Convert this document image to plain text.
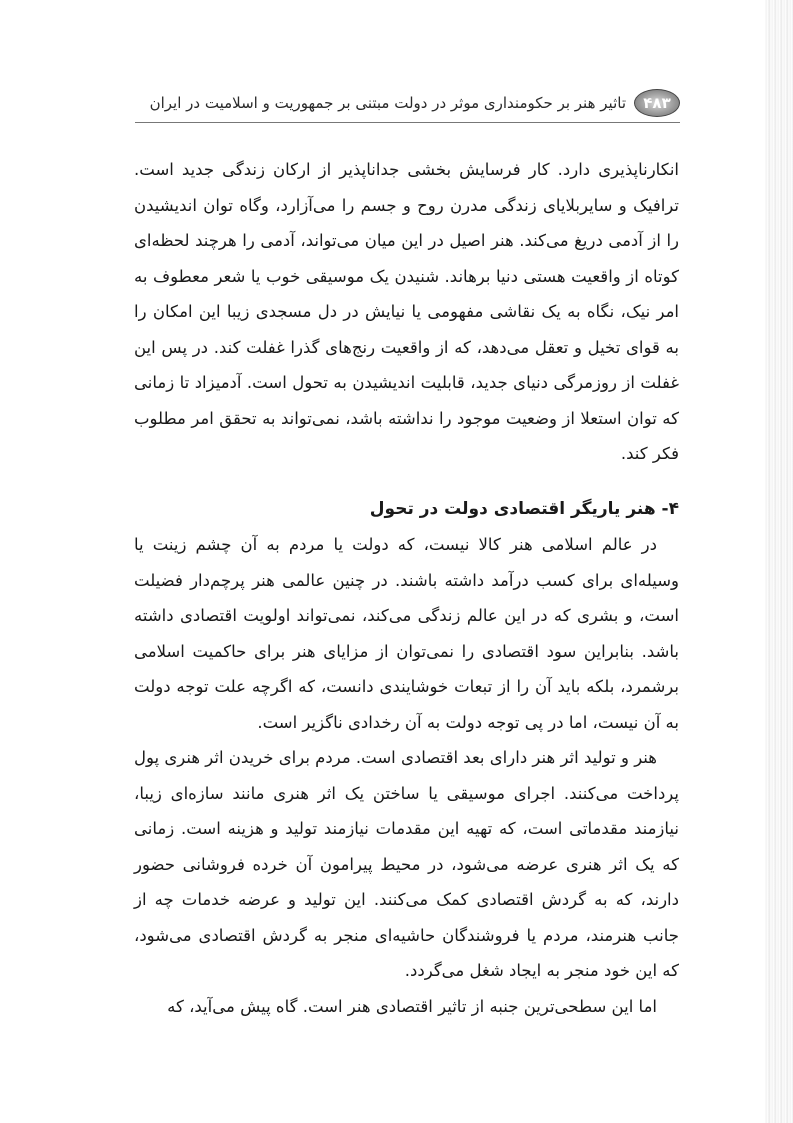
۴۸۳
تاثیر هنر بر حکومنداری موثر در دولت مبتنی بر جمهوریت و اسلامیت در ایران

انکارناپذیری دارد. کار فرسایش بخشی جداناپذیر از ارکان زندگی جدید است. ترافیک و سایربلایای زندگی مدرن روح و جسم را می‌آزارد، وگاه توان اندیشیدن را از آدمی دریغ می‌کند. هنر اصیل در این میان می‌تواند، آدمی را هرچند لحظه‌ای کوتاه از واقعیت هستی دنیا برهاند. شنیدن یک موسیقی خوب یا شعر معطوف به امر نیک، نگاه به یک نقاشی مفهومی یا نیایش در دل مسجدی زیبا این امکان را به قوای تخیل و تعقل می‌دهد، که از واقعیت رنج‌های گذرا غفلت کند. در پس این غفلت از روزمرگی دنیای جدید، قابلیت اندیشیدن به تحول است. آدمیزاد تا زمانی که توان استعلا از وضعیت موجود را نداشته باشد، نمی‌تواند به تحقق امر مطلوب فکر کند.

۴- هنر یاریگر اقتصادی دولت در تحول

در عالم اسلامی هنر کالا نیست، که دولت یا مردم به آن چشم زینت یا وسیله‌ای برای کسب درآمد داشته باشند. در چنین عالمی هنر پرچم‌دار فضیلت است، و بشری که در این عالم زندگی می‌کند، نمی‌تواند اولویت اقتصادی داشته باشد. بنابراین سود اقتصادی را نمی‌توان از مزایای هنر برای حاکمیت اسلامی برشمرد، بلکه باید آن را از تبعات خوشایندی دانست، که اگرچه علت توجه دولت به آن نیست، اما در پی توجه دولت به آن رخدادی ناگزیر است.

هنر و تولید اثر هنر دارای بعد اقتصادی است. مردم برای خریدن اثر هنری پول پرداخت می‌کنند. اجرای موسیقی یا ساختن یک اثر هنری مانند سازه‌ای زیبا، نیازمند مقدماتی است، که تهیه این مقدمات نیازمند تولید و هزینه است. زمانی که یک اثر هنری عرضه می‌شود، در محیط پیرامون آن خرده فروشانی حضور دارند، که به گردش اقتصادی کمک می‌کنند. این تولید و عرضه خدمات چه از جانب هنرمند، مردم یا فروشندگان حاشیه‌ای منجر به گردش اقتصادی می‌شود، که این خود منجر به ایجاد شغل می‌گردد.

اما این سطحی‌ترین جنبه از تاثیر اقتصادی هنر است. گاه پیش می‌آید، که
